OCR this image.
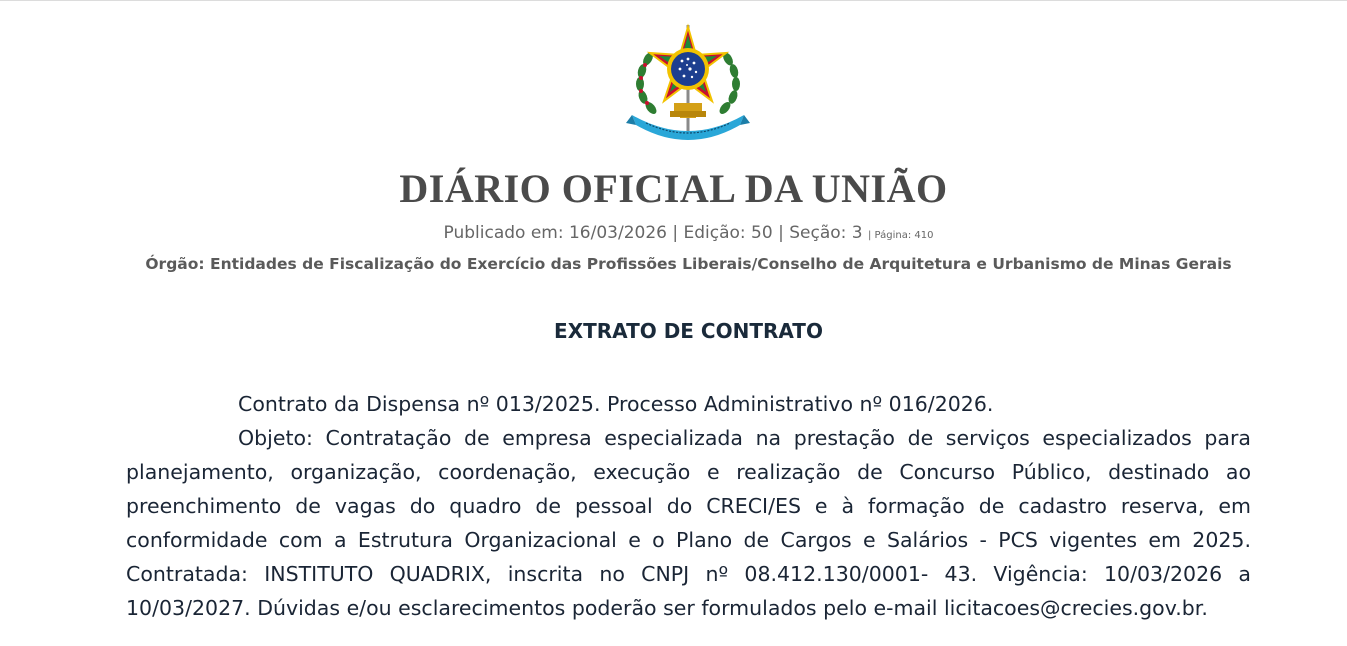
DIÁRIO OFICIAL DA UNIÃO
Publicado em: 16/03/2026 | Edição: 50 | Seção: 3 | Página: 410
Órgão: Entidades de Fiscalização do Exercício das Profissões Liberais/Conselho de Arquitetura e Urbanismo de Minas Gerais
EXTRATO DE CONTRATO

Contrato da Dispensa nº 013/2025. Processo Administrativo nº 016/2026.

Objeto: Contratação de empresa especializada na prestação de serviços especializados para planejamento, organização, coordenação, execução e realização de Concurso Público, destinado ao preenchimento de vagas do quadro de pessoal do CRECI/ES e à formação de cadastro reserva, em conformidade com a Estrutura Organizacional e o Plano de Cargos e Salários - PCS vigentes em 2025. Contratada: INSTITUTO QUADRIX, inscrita no CNPJ nº 08.412.130/0001- 43. Vigência: 10/03/2026 a 10/03/2027. Dúvidas e/ou esclarecimentos poderão ser formulados pelo e-mail licitacoes@crecies.gov.br.
